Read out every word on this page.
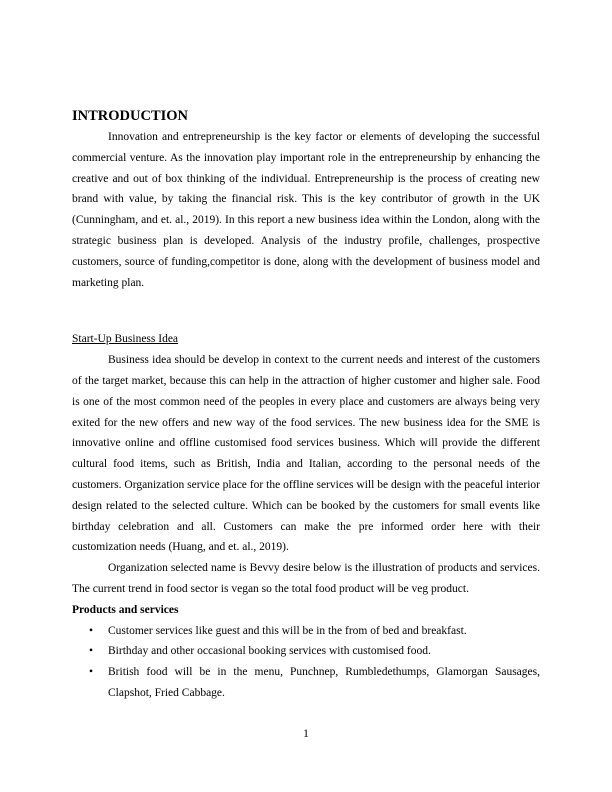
INTRODUCTION

Innovation and entrepreneurship is the key factor or elements of developing the successful commercial venture. As the innovation play important role in the entrepreneurship by enhancing the creative and out of box thinking of the individual. Entrepreneurship is the process of creating new brand with value, by taking the financial risk. This is the key contributor of growth in the UK (Cunningham, and et. al., 2019). In this report a new business idea within the London, along with the strategic business plan is developed. Analysis of the industry profile, challenges, prospective customers, source of funding,competitor is done, along with the development of business model and marketing plan.

Start-Up Business Idea

Business idea should be develop in context to the current needs and interest of the customers of the target market, because this can help in the attraction of higher customer and higher sale. Food is one of the most common need of the peoples in every place and customers are always being very exited for the new offers and new way of the food services. The new business idea for the SME is innovative online and offline customised food services business. Which will provide the different cultural food items, such as British, India and Italian, according to the personal needs of the customers. Organization service place for the offline services will be design with the peaceful interior design related to the selected culture. Which can be booked by the customers for small events like birthday celebration and all. Customers can make the pre informed order here with their customization needs (Huang, and et. al., 2019).

Organization selected name is Bevvy desire below is the illustration of products and services. The current trend in food sector is vegan so the total food product will be veg product.

Products and services
• Customer services like guest and this will be in the from of bed and breakfast.
• Birthday and other occasional booking services with customised food.
• British food will be in the menu, Punchnep, Rumbledethumps, Glamorgan Sausages, Clapshot, Fried Cabbage.
1
